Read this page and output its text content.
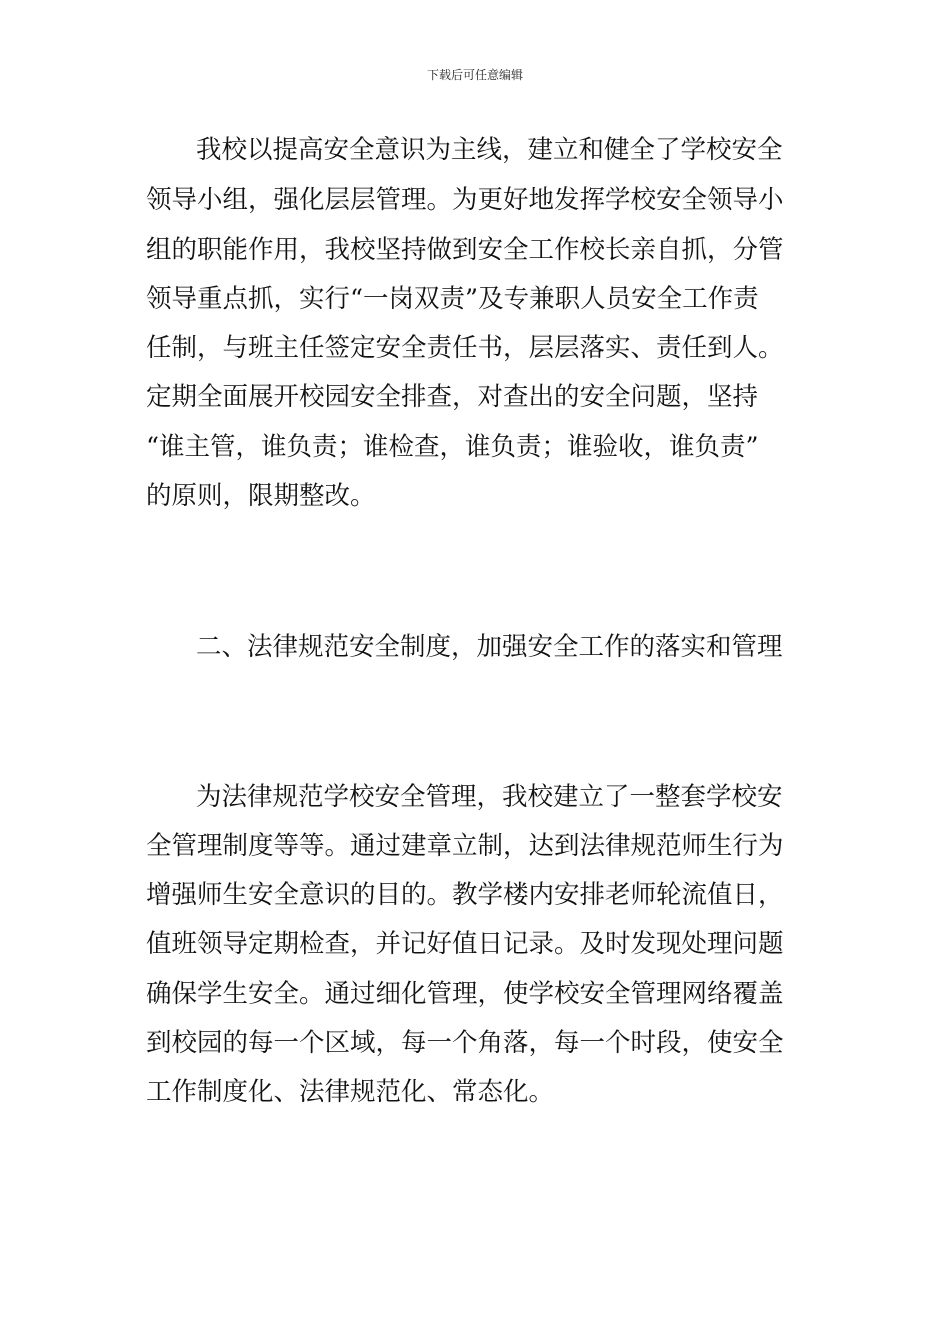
下载后可任意编辑
我校以提高安全意识为主线，建立和健全了学校安全
领导小组，强化层层管理。为更好地发挥学校安全领导小
组的职能作用，我校坚持做到安全工作校长亲自抓，分管
领导重点抓，实行“一岗双责”及专兼职人员安全工作责
任制，与班主任签定安全责任书，层层落实、责任到人。
定期全面展开校园安全排查，对查出的安全问题，坚持
“谁主管，谁负责；谁检查，谁负责；谁验收，谁负责”
的原则，限期整改。
二、法律规范安全制度，加强安全工作的落实和管理
为法律规范学校安全管理，我校建立了一整套学校安
全管理制度等等。通过建章立制，达到法律规范师生行为
增强师生安全意识的目的。教学楼内安排老师轮流值日，
值班领导定期检查，并记好值日记录。及时发现处理问题
确保学生安全。通过细化管理，使学校安全管理网络覆盖
到校园的每一个区域，每一个角落，每一个时段，使安全
工作制度化、法律规范化、常态化。
